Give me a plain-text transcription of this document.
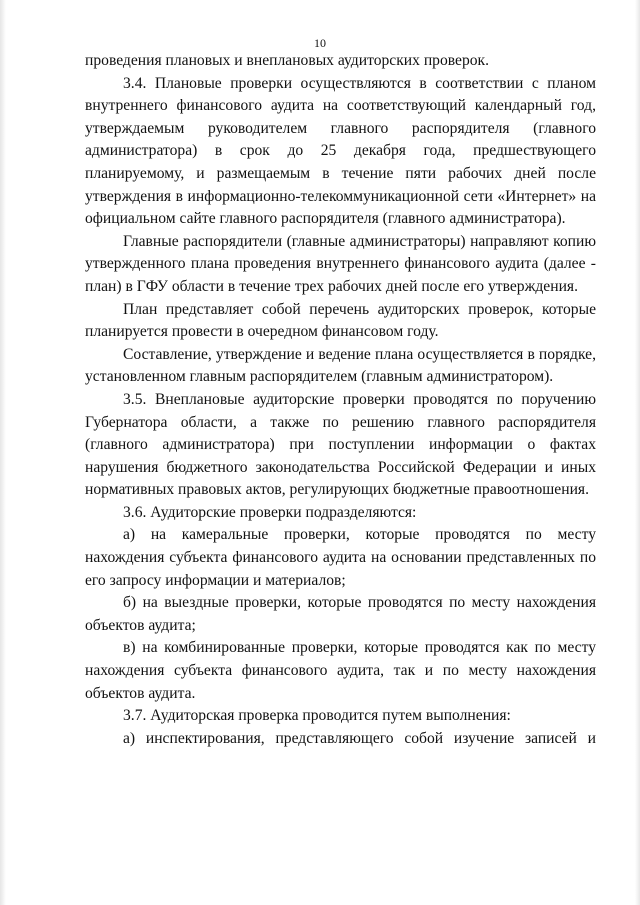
10

проведения плановых и внеплановых аудиторских проверок.

3.4. Плановые проверки осуществляются в соответствии с планом внутреннего финансового аудита на соответствующий календарный год, утверждаемым руководителем главного распорядителя (главного администратора) в срок до 25 декабря года, предшествующего планируемому, и размещаемым в течение пяти рабочих дней после утверждения в информационно-телекоммуникационной сети «Интернет» на официальном сайте главного распорядителя (главного администратора).

Главные распорядители (главные администраторы) направляют копию утвержденного плана проведения внутреннего финансового аудита (далее - план) в ГФУ области в течение трех рабочих дней после его утверждения.

План представляет собой перечень аудиторских проверок, которые планируется провести в очередном финансовом году.

Составление, утверждение и ведение плана осуществляется в порядке, установленном главным распорядителем (главным администратором).

3.5. Внеплановые аудиторские проверки проводятся по поручению Губернатора области, а также по решению главного распорядителя (главного администратора) при поступлении информации о фактах нарушения бюджетного законодательства Российской Федерации и иных нормативных правовых актов, регулирующих бюджетные правоотношения.

3.6. Аудиторские проверки подразделяются:

а) на камеральные проверки, которые проводятся по месту нахождения субъекта финансового аудита на основании представленных по его запросу информации и материалов;

б) на выездные проверки, которые проводятся по месту нахождения объектов аудита;

в) на комбинированные проверки, которые проводятся как по месту нахождения субъекта финансового аудита, так и по месту нахождения объектов аудита.

3.7. Аудиторская проверка проводится путем выполнения:

а) инспектирования, представляющего собой изучение записей и
